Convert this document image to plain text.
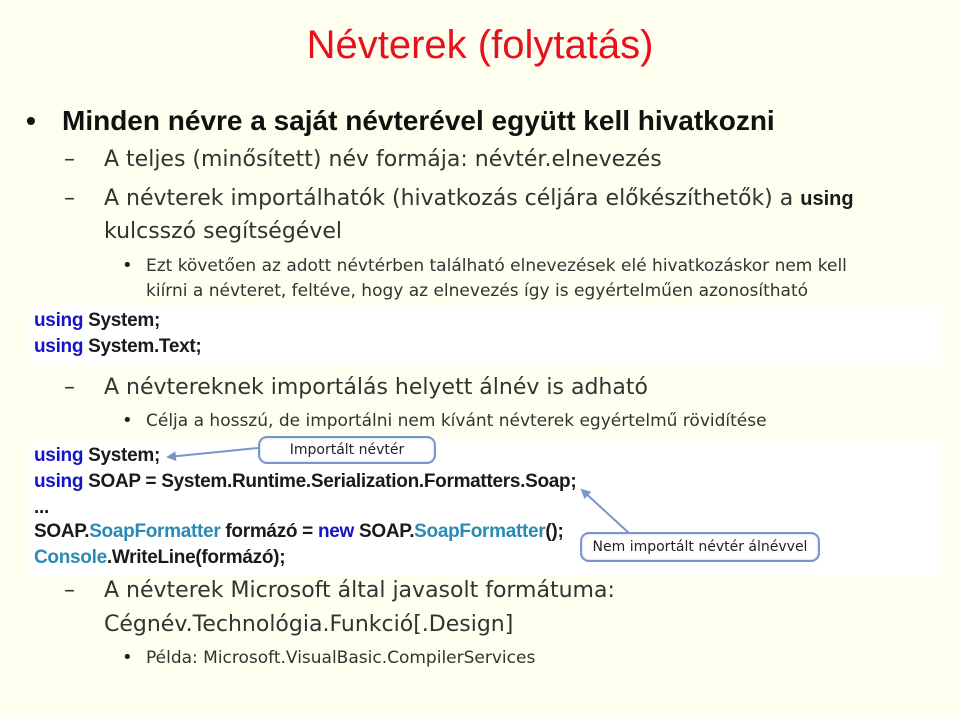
Névterek (folytatás)
• Minden névre a saját névterével együtt kell hivatkozni
– A teljes (minősített) név formája: névtér.elnevezés
– A névterek importálhatók (hivatkozás céljára előkészíthetők) a using
kulcsszó segítségével
• Ezt követően az adott névtérben található elnevezések elé hivatkozáskor nem kell
kiírni a névteret, feltéve, hogy az elnevezés így is egyértelműen azonosítható
using System;
using System.Text;
– A névtereknek importálás helyett álnév is adható
• Célja a hosszú, de importálni nem kívánt névterek egyértelmű rövidítése
using System;
using SOAP = System.Runtime.Serialization.Formatters.Soap;
...
SOAP.SoapFormatter formázó = new SOAP.SoapFormatter();
Console.WriteLine(formázó);
Importált névtér
Nem importált névtér álnévvel
– A névterek Microsoft által javasolt formátuma:
Cégnév.Technológia.Funkció[.Design]
• Példa: Microsoft.VisualBasic.CompilerServices
